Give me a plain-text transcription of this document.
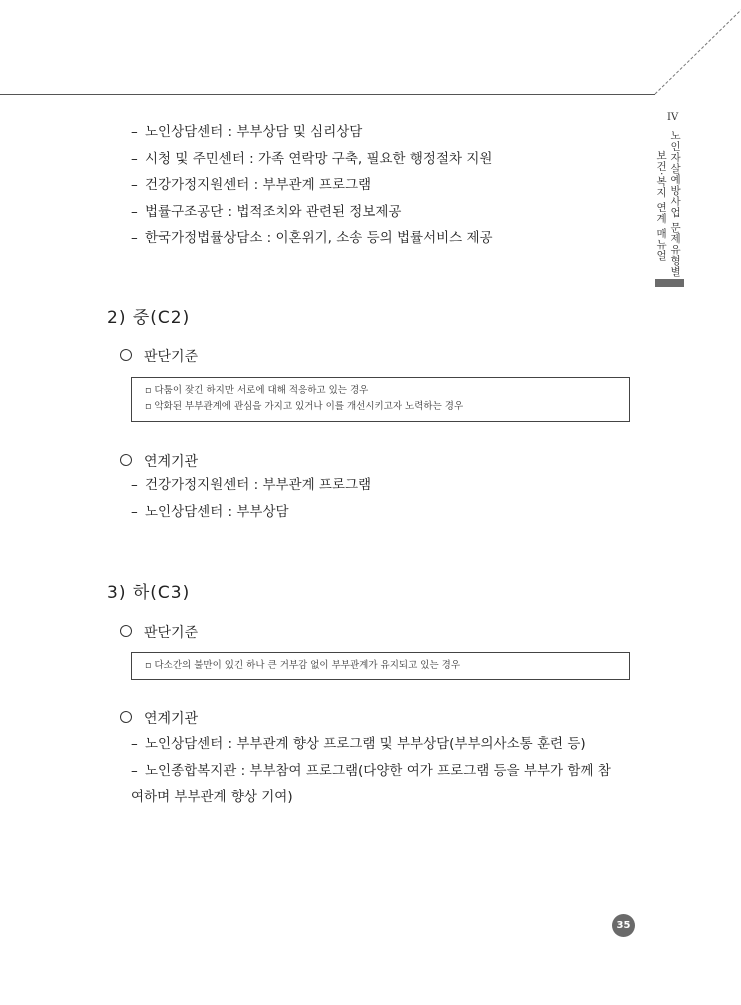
IV
노인자살예방사업 문제유형별
보건·복지 연계 매뉴얼
– 노인상담센터 : 부부상담 및 심리상담
– 시청 및 주민센터 : 가족 연락망 구축, 필요한 행정절차 지원
– 건강가정지원센터 : 부부관계 프로그램
– 법률구조공단 : 법적조치와 관련된 정보제공
– 한국가정법률상담소 : 이혼위기, 소송 등의 법률서비스 제공
2) 중(C2)
판단기준

▫ 다툼이 잦긴 하지만 서로에 대해 적응하고 있는 경우

▫ 악화된 부부관계에 관심을 가지고 있거나 이를 개선시키고자 노력하는 경우

연계기관
– 건강가정지원센터 : 부부관계 프로그램
– 노인상담센터 : 부부상담
3) 하(C3)
판단기준

▫ 다소간의 불만이 있긴 하나 큰 거부감 없이 부부관계가 유지되고 있는 경우

연계기관
– 노인상담센터 : 부부관계 향상 프로그램 및 부부상담(부부의사소통 훈련 등)
– 노인종합복지관 : 부부참여 프로그램(다양한 여가 프로그램 등을 부부가 함께 참여하며 부부관계 향상 기여)
35
